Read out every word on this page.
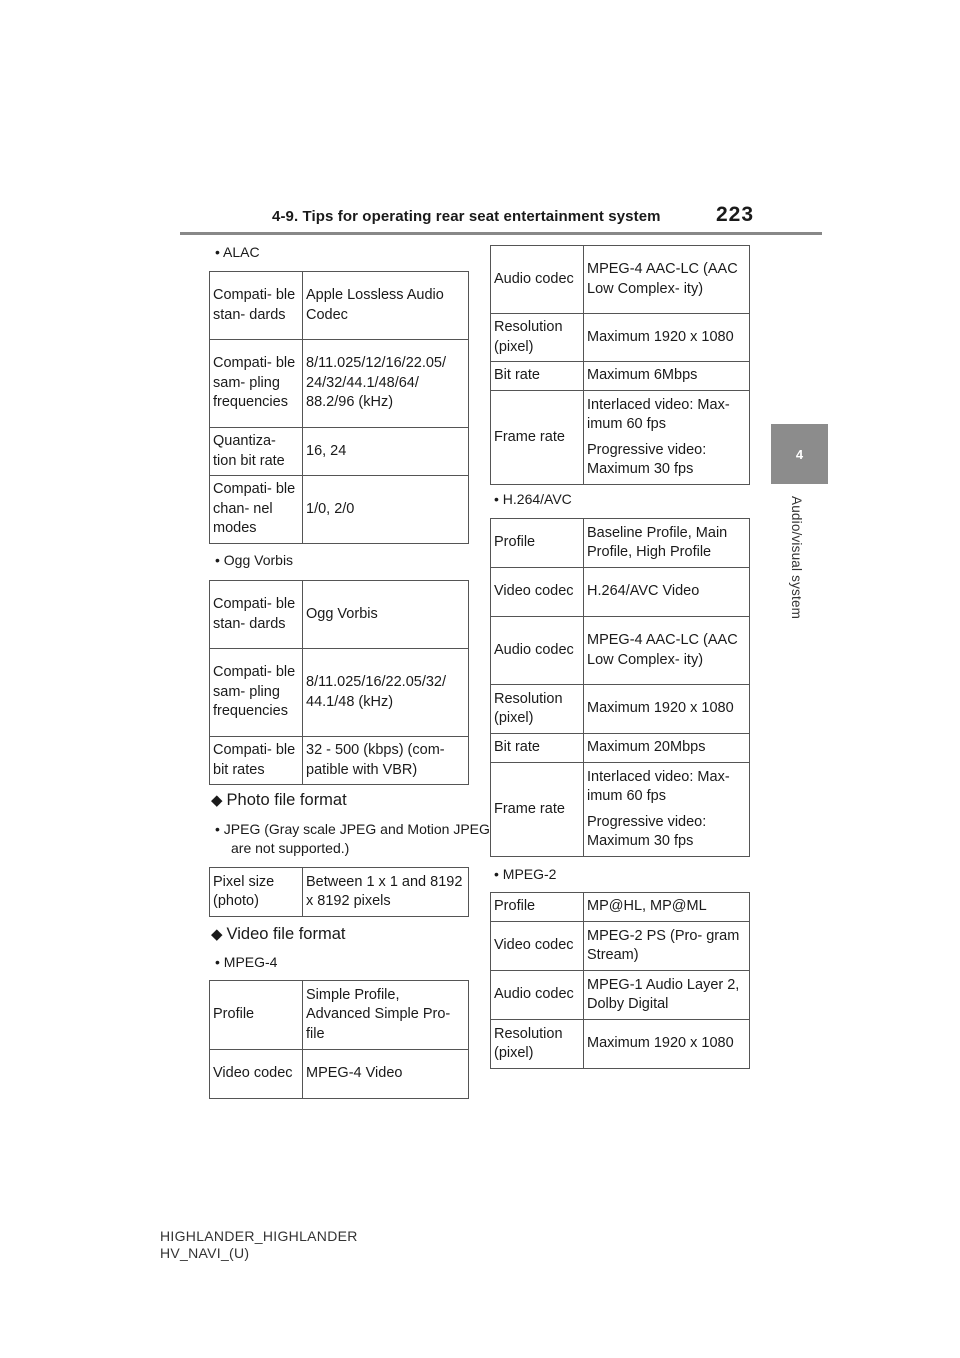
4-9. Tips for operating rear seat entertainment system	223
4
Audio/visual system
• ALAC
Compati- ble stan- dards	Apple Lossless Audio Codec
Compati- ble sam- pling frequencies	8/11.025/12/16/22.05/ 24/32/44.1/48/64/ 88.2/96 (kHz)
Quantiza- tion bit rate	16, 24
Compati- ble chan- nel modes	1/0, 2/0
• Ogg Vorbis
Compati- ble stan- dards	Ogg Vorbis
Compati- ble sam- pling frequencies	8/11.025/16/22.05/32/ 44.1/48 (kHz)
Compati- ble bit rates	32 - 500 (kbps) (com- patible with VBR)
◆ Photo file format
• JPEG (Gray scale JPEG and Motion JPEG are not supported.)
Pixel size (photo)	Between 1 x 1 and 8192 x 8192 pixels
◆ Video file format
• MPEG-4
Profile	Simple Profile, Advanced Simple Pro- file
Video codec	MPEG-4 Video
Audio codec	MPEG-4 AAC-LC (AAC Low Complex- ity)
Resolution (pixel)	Maximum 1920 x 1080
Bit rate	Maximum 6Mbps
Frame rate	Interlaced video: Max- imum 60 fps
Progressive video: Maximum 30 fps
• H.264/AVC
Profile	Baseline Profile, Main Profile, High Profile
Video codec	H.264/AVC Video
Audio codec	MPEG-4 AAC-LC (AAC Low Complex- ity)
Resolution (pixel)	Maximum 1920 x 1080
Bit rate	Maximum 20Mbps
Frame rate	Interlaced video: Max- imum 60 fps
Progressive video: Maximum 30 fps
• MPEG-2
Profile	MP@HL, MP@ML
Video codec	MPEG-2 PS (Pro- gram Stream)
Audio codec	MPEG-1 Audio Layer 2, Dolby Digital
Resolution (pixel)	Maximum 1920 x 1080
HIGHLANDER_HIGHLANDER
HV_NAVI_(U)
